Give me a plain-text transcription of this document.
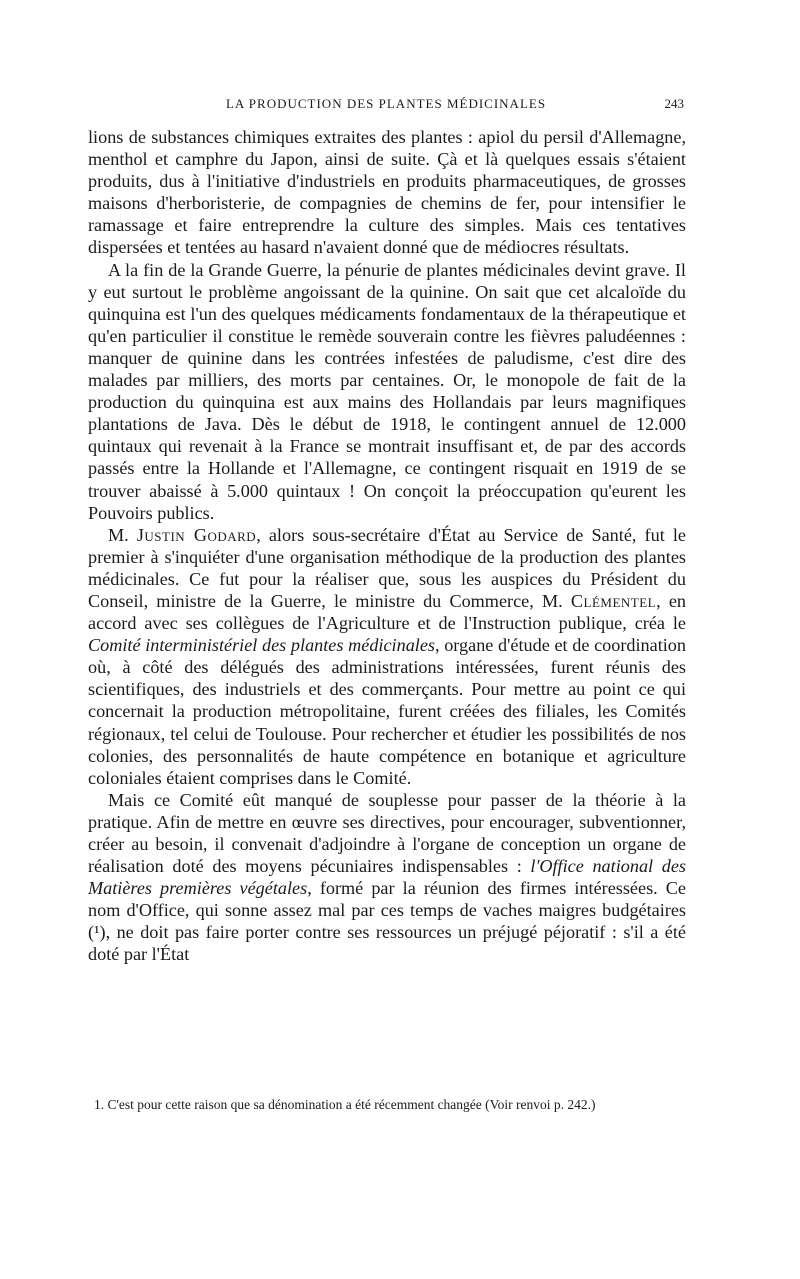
LA PRODUCTION DES PLANTES MÉDICINALES	243

lions de substances chimiques extraites des plantes : apiol du persil d'Allemagne, menthol et camphre du Japon, ainsi de suite. Çà et là quelques essais s'étaient produits, dus à l'initiative d'industriels en produits pharmaceutiques, de grosses maisons d'herboristerie, de compagnies de chemins de fer, pour intensifier le ramassage et faire entreprendre la culture des simples. Mais ces tentatives dispersées et tentées au hasard n'avaient donné que de médiocres résultats.

A la fin de la Grande Guerre, la pénurie de plantes médicinales devint grave. Il y eut surtout le problème angoissant de la quinine. On sait que cet alcaloïde du quinquina est l'un des quelques médicaments fondamentaux de la thérapeutique et qu'en particulier il constitue le remède souverain contre les fièvres paludéennes : manquer de quinine dans les contrées infestées de paludisme, c'est dire des malades par milliers, des morts par centaines. Or, le monopole de fait de la production du quinquina est aux mains des Hollandais par leurs magnifiques plantations de Java. Dès le début de 1918, le contingent annuel de 12.000 quintaux qui revenait à la France se montrait insuffisant et, de par des accords passés entre la Hollande et l'Allemagne, ce contingent risquait en 1919 de se trouver abaissé à 5.000 quintaux ! On conçoit la préoccupation qu'eurent les Pouvoirs publics.

M. Justin Godard, alors sous-secrétaire d'État au Service de Santé, fut le premier à s'inquiéter d'une organisation méthodique de la production des plantes médicinales. Ce fut pour la réaliser que, sous les auspices du Président du Conseil, ministre de la Guerre, le ministre du Commerce, M. Clémentel, en accord avec ses collègues de l'Agriculture et de l'Instruction publique, créa le Comité interministériel des plantes médicinales, organe d'étude et de coordination où, à côté des délégués des administrations intéressées, furent réunis des scientifiques, des industriels et des commerçants. Pour mettre au point ce qui concernait la production métropolitaine, furent créées des filiales, les Comités régionaux, tel celui de Toulouse. Pour rechercher et étudier les possibilités de nos colonies, des personnalités de haute compétence en botanique et agriculture coloniales étaient comprises dans le Comité.

Mais ce Comité eût manqué de souplesse pour passer de la théorie à la pratique. Afin de mettre en œuvre ses directives, pour encourager, subventionner, créer au besoin, il convenait d'adjoindre à l'organe de conception un organe de réalisation doté des moyens pécuniaires indispensables : l'Office national des Matières premières végétales, formé par la réunion des firmes intéressées. Ce nom d'Office, qui sonne assez mal par ces temps de vaches maigres budgétaires (¹), ne doit pas faire porter contre ses ressources un préjugé péjoratif : s'il a été doté par l'État

1. C'est pour cette raison que sa dénomination a été récemment changée (Voir renvoi p. 242.)
